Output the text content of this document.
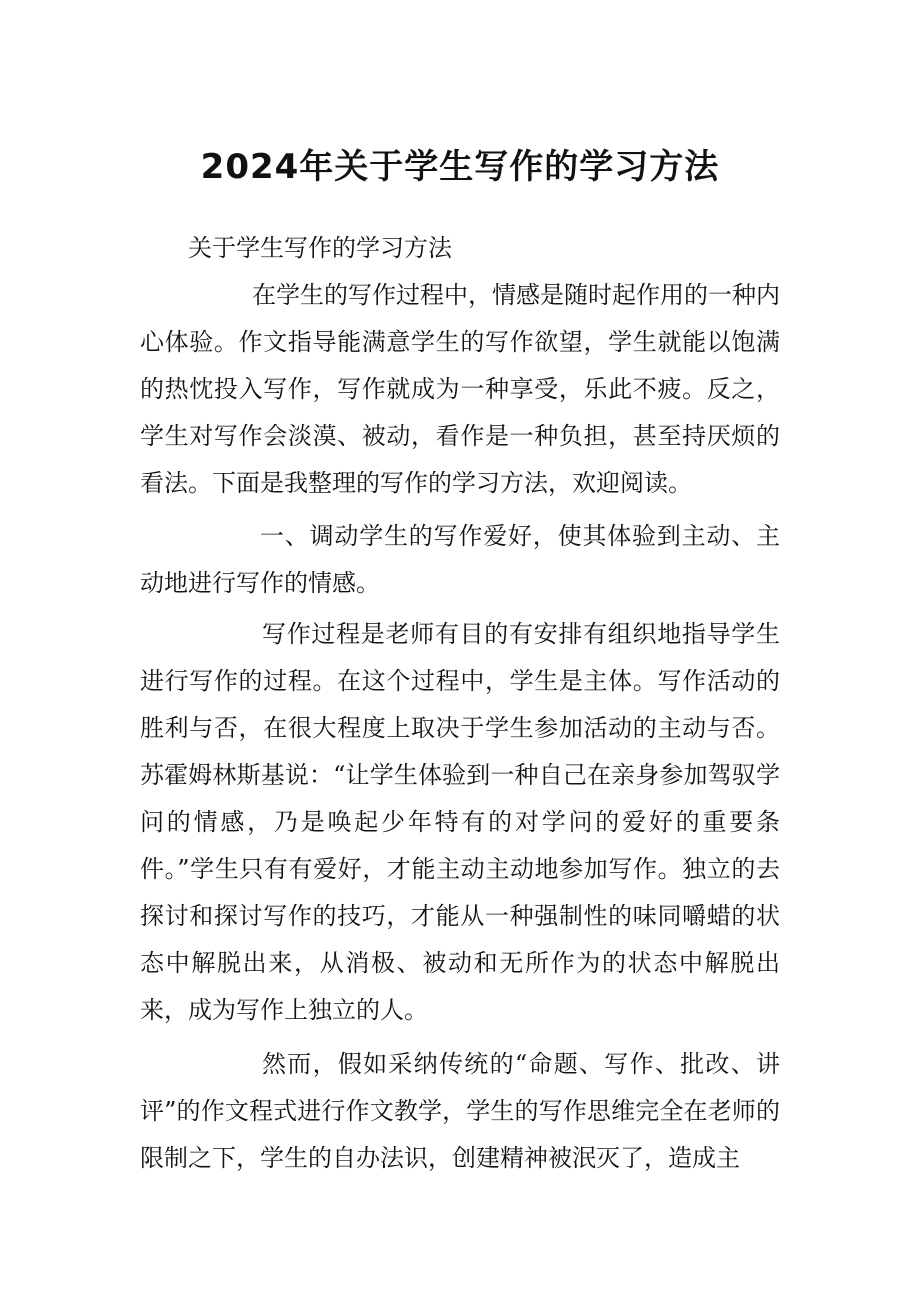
2024年关于学生写作的学习方法

关于学生写作的学习方法

在学生的写作过程中，情感是随时起作用的一种内心体验。作文指导能满意学生的写作欲望，学生就能以饱满的热忱投入写作，写作就成为一种享受，乐此不疲。反之，学生对写作会淡漠、被动，看作是一种负担，甚至持厌烦的看法。下面是我整理的写作的学习方法，欢迎阅读。

一、调动学生的写作爱好，使其体验到主动、主动地进行写作的情感。

写作过程是老师有目的有安排有组织地指导学生进行写作的过程。在这个过程中，学生是主体。写作活动的胜利与否，在很大程度上取决于学生参加活动的主动与否。苏霍姆林斯基说：“让学生体验到一种自己在亲身参加驾驭学问的情感，乃是唤起少年特有的对学问的爱好的重要条件。”学生只有有爱好，才能主动主动地参加写作。独立的去探讨和探讨写作的技巧，才能从一种强制性的味同嚼蜡的状态中解脱出来，从消极、被动和无所作为的状态中解脱出来，成为写作上独立的人。

然而，假如采纳传统的“命题、写作、批改、讲评”的作文程式进行作文教学，学生的写作思维完全在老师的限制之下，学生的自办法识，创建精神被泯灭了，造成主
